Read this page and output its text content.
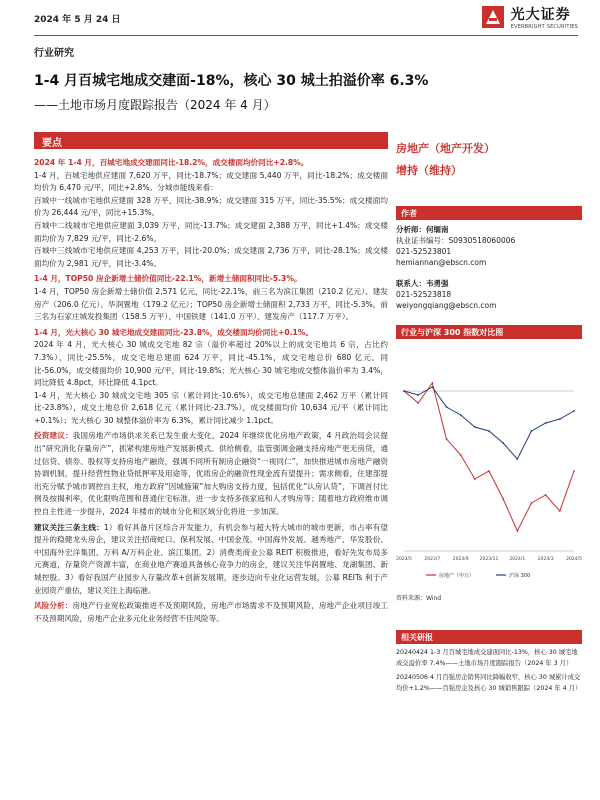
2024 年 5 月 24 日	光大证券
EVERBRIGHT SECURITIES
行业研究
1-4 月百城宅地成交建面-18%，核心 30 城土拍溢价率 6.3%
——土地市场月度跟踪报告（2024 年 4 月）
要点

2024 年 1-4 月，百城宅地成交建面同比-18.2%，成交楼面均价同比+2.8%。

1-4 月，百城宅地供应建面 7,620 万平，同比-18.7%；成交建面 5,440 万平，同比-18.2%；成交楼面均价为 6,470 元/平，同比+2.8%。分城市能级来看：

百城中一线城市宅地供应建面 328 万平，同比-38.9%；成交建面 315 万平，同比-35.5%；成交楼面均价为 26,444 元/平，同比+15.3%。

百城中二线城市宅地供应建面 3,039 万平，同比-13.7%；成交建面 2,388 万平，同比+1.4%；成交楼面均价为 7,829 元/平，同比-2.6%。

百城中三线城市宅地供应建面 4,253 万平，同比-20.0%；成交建面 2,736 万平，同比-28.1%；成交楼面均价为 2,981 元/平，同比-3.4%。

1-4 月，TOP50 房企新增土储价值同比-22.1%，新增土储面积同比-5.3%。

1-4 月，TOP50 房企新增土储价值 2,571 亿元，同比-22.1%，前三名为滨江集团（210.2 亿元）、建发房产（206.0 亿元）、华润置地（179.2 亿元）；TOP50 房企新增土储面积 2,733 万平，同比-5.3%，前三名为石家庄城发投集团（158.5 万平）、中国铁建（141.0 万平）、建发房产（117.7 万平）。

1-4 月，光大核心 30 城宅地成交建面同比-23.8%，成交楼面均价同比+0.1%。

2024 年 4 月，光大核心 30 城成交宅地 82 宗（溢价率超过 20%以上的成交宅地共 6 宗，占比约 7.3%），同比-25.5%，成交宅地总建面 624 万平，同比-45.1%，成交宅地总价 680 亿元，同比-56.0%，成交楼面均价 10,900 元/平，同比-19.8%；光大核心 30 城宅地成交整体溢价率为 3.4%，同比降低 4.8pct，环比降低 4.1pct。

1-4 月，光大核心 30 城成交宅地 305 宗（累计同比-10.6%），成交宅地总建面 2,462 万平（累计同比-23.8%），成交土地总价 2,618 亿元（累计同比-23.7%），成交楼面均价 10,634 元/平（累计同比+0.1%）；光大核心 30 城整体溢价率为 6.3%，累计同比减少 1.1pct。

投资建议：我国房地产市场供求关系已发生重大变化，2024 年继续优化房地产政策，4 月政治局会议提出“研究消化存量房产”，抓紧构建房地产发展新模式。供给侧看，监管强调金融支持房地产更无房贷，通过信贷、债券、股权等支持房地产融资，强调不同所有制房企融资“一视同仁”，加快推进城市房地产融资协调机制，提升经营性物业贷抵押率及用途等，优质房企的融资性现金流有望提升；需求侧看，住建部提出充分赋予城市调控自主权，地方政府“因城施策”加大购房支持力度，包括优化“认房认贷”，下调首付比例及按揭利率，优化限购范围和普通住宅标准，进一步支持多孩家庭和人才购房等；随着地方政府维市调控自主性进一步提升，2024 年楼市的城市分化和区域分化将进一步加深。

建议关注三条主线：1）看好具备片区综合开发能力，有机会参与超大特大城市的城市更新，市占率有望提升的稳健龙头房企，建议关注招商蛇口、保利发展、中国金茂、中国海外发展、越秀地产、华发股份、中国海外宏洋集团、万科 A/万科企业、滨江集团。2）消费类商业公募 REIT 积极推进，看好先发布局多元赛道，存量资产资源丰富，在商业地产赛道具备核心竞争力的房企，建议关注华润置地、龙湖集团、新城控股。3）看好我国产业园步入存量改革+创新发展期，逐步迈向专业化运营发展，公募 REITs 利于产业园资产重估，建议关注上海临港。

风险分析：房地产行业宽松政策推进不及预期风险，房地产市场需求不及预期风险，房地产企业项目竣工不及预期风险，房地产企业多元化业务经营不佳风险等。

房地产（地产开发）
增持（维持）
作者
分析师：何缅南
执业证书编号：S0930518060006
021-52523801
hemiannan@ebscn.com
联系人：韦勇强
021-52523818
weiyongqiang@ebscn.com
行业与沪深 300 指数对比图
2023/5	2023/7	2023/9 2023/11 2024/1	2024/3	2024/5
房地产（申万）	沪深 300
资料来源：Wind
相关研报
20240424 1-3 月百城宅地成交建面同比-13%，核心 30 城宅地成交溢价率 7.4%——土地市场月度跟踪报告（2024 年 3 月）
20240506 4 月百强房企销售同比降幅收窄，核心 30 城累计成交均价+1.2%——百强房企及核心 30 城销售跟踪（2024 年 4 月）
